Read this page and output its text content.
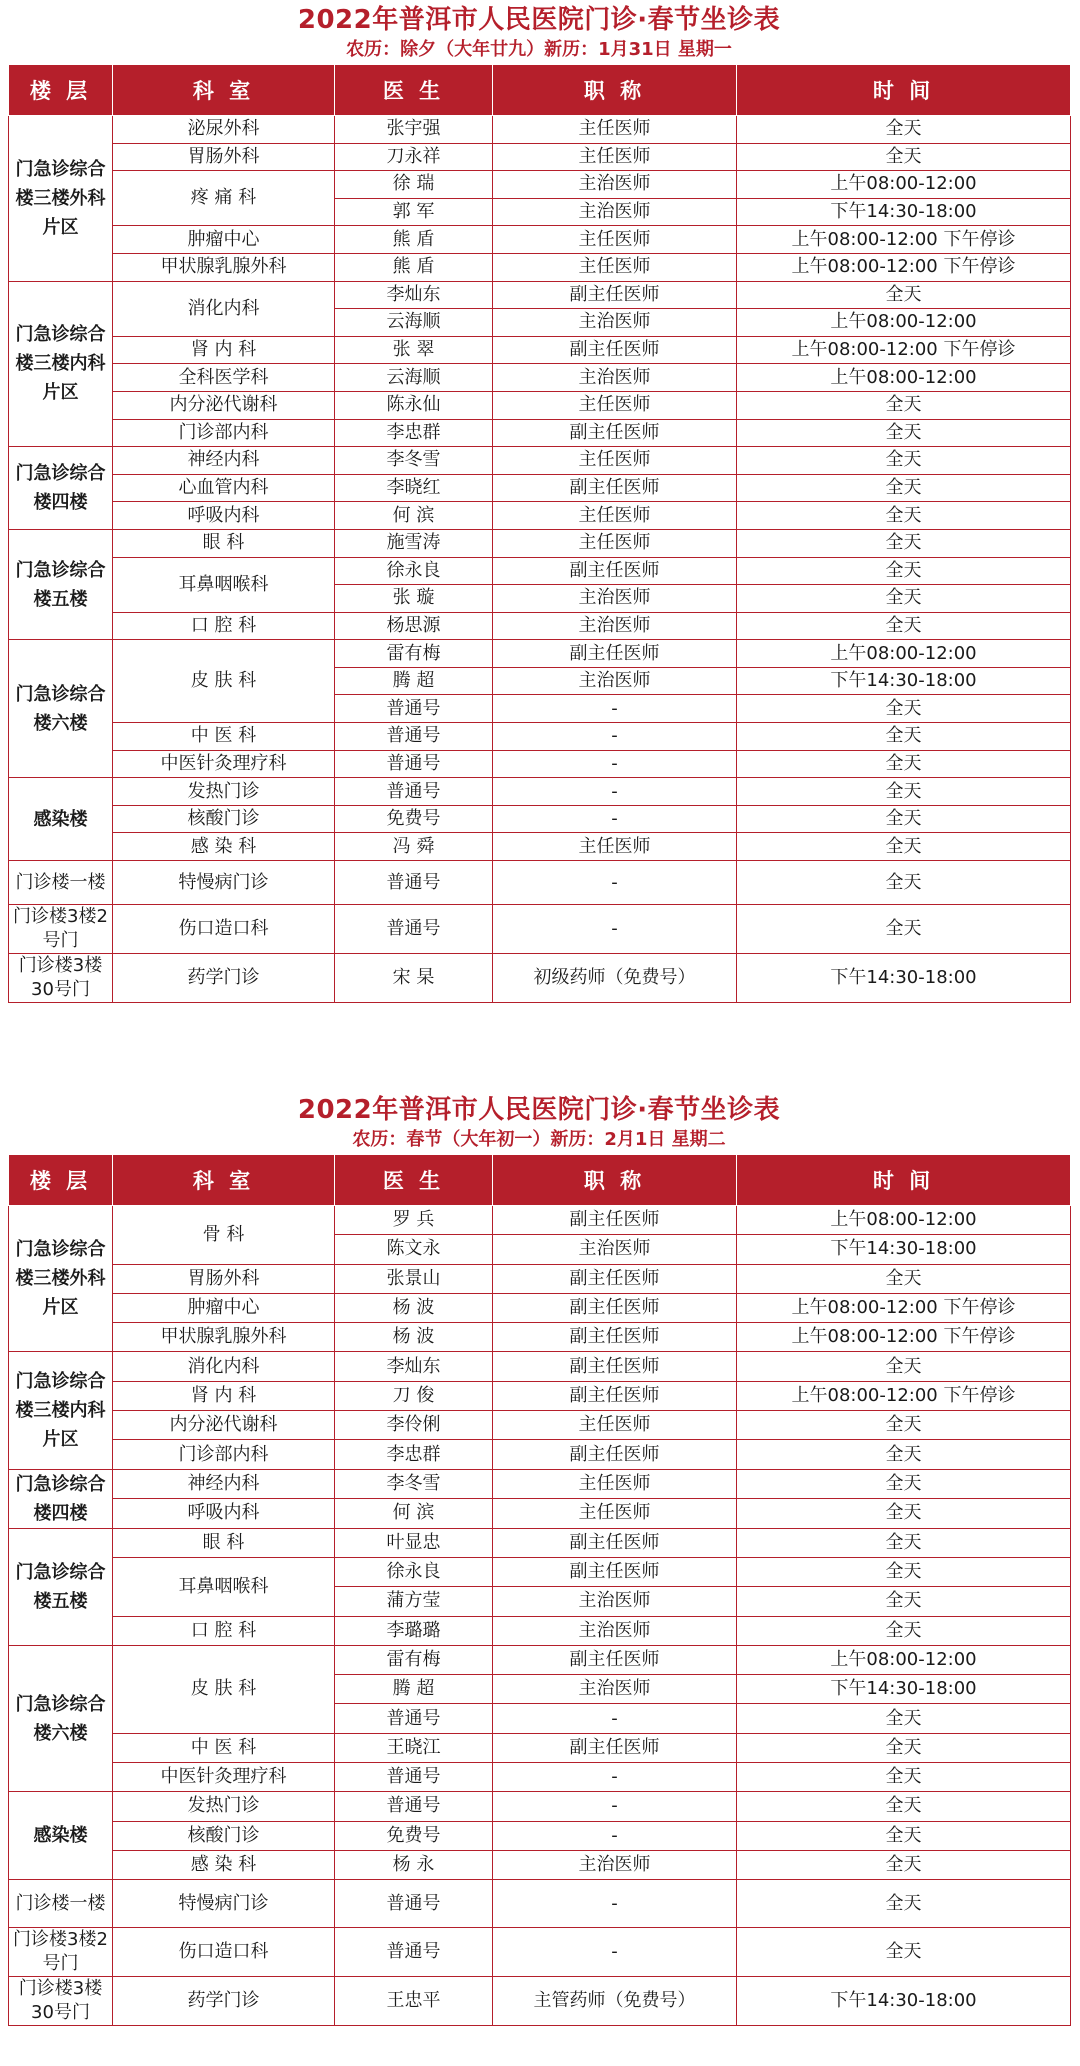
2022年普洱市人民医院门诊·春节坐诊表
农历：除夕（大年廿九）新历：1月31日 星期一
楼 层	科 室	医 生	职 称	时 间
门急诊综合楼三楼外科片区	泌尿外科	张宇强	主任医师	全天
	胃肠外科	刀永祥	主任医师	全天
	疼 痛 科	徐 瑞	主治医师	上午08:00-12:00
		郭 军	主治医师	下午14:30-18:00
	肿瘤中心	熊 盾	主任医师	上午08:00-12:00 下午停诊
	甲状腺乳腺外科	熊 盾	主任医师	上午08:00-12:00 下午停诊
门急诊综合楼三楼内科片区	消化内科	李灿东	副主任医师	全天
		云海顺	主治医师	上午08:00-12:00
	肾 内 科	张 翠	副主任医师	上午08:00-12:00 下午停诊
	全科医学科	云海顺	主治医师	上午08:00-12:00
	内分泌代谢科	陈永仙	主任医师	全天
	门诊部内科	李忠群	副主任医师	全天
门急诊综合楼四楼	神经内科	李冬雪	主任医师	全天
	心血管内科	李晓红	副主任医师	全天
	呼吸内科	何 滨	主任医师	全天
门急诊综合楼五楼	眼 科	施雪涛	主任医师	全天
	耳鼻咽喉科	徐永良	副主任医师	全天
		张 璇	主治医师	全天
	口 腔 科	杨思源	主治医师	全天
门急诊综合楼六楼	皮 肤 科	雷有梅	副主任医师	上午08:00-12:00
		腾 超	主治医师	下午14:30-18:00
		普通号	-	全天
	中 医 科	普通号	-	全天
	中医针灸理疗科	普通号	-	全天
感染楼	发热门诊	普通号	-	全天
	核酸门诊	免费号	-	全天
	感 染 科	冯 舜	主任医师	全天
门诊楼一楼	特慢病门诊	普通号	-	全天
门诊楼3楼2号门	伤口造口科	普通号	-	全天
门诊楼3楼30号门	药学门诊	宋 杲	初级药师（免费号）	下午14:30-18:00
2022年普洱市人民医院门诊·春节坐诊表
农历：春节（大年初一）新历：2月1日 星期二
楼 层	科 室	医 生	职 称	时 间
门急诊综合楼三楼外科片区	骨 科	罗 兵	副主任医师	上午08:00-12:00
		陈文永	主治医师	下午14:30-18:00
	胃肠外科	张景山	副主任医师	全天
	肿瘤中心	杨 波	副主任医师	上午08:00-12:00 下午停诊
	甲状腺乳腺外科	杨 波	副主任医师	上午08:00-12:00 下午停诊
门急诊综合楼三楼内科片区	消化内科	李灿东	副主任医师	全天
	肾 内 科	刀 俊	副主任医师	上午08:00-12:00 下午停诊
	内分泌代谢科	李伶俐	主任医师	全天
	门诊部内科	李忠群	副主任医师	全天
门急诊综合楼四楼	神经内科	李冬雪	主任医师	全天
	呼吸内科	何 滨	主任医师	全天
门急诊综合楼五楼	眼 科	叶显忠	副主任医师	全天
	耳鼻咽喉科	徐永良	副主任医师	全天
		蒲方莹	主治医师	全天
	口 腔 科	李璐璐	主治医师	全天
门急诊综合楼六楼	皮 肤 科	雷有梅	副主任医师	上午08:00-12:00
		腾 超	主治医师	下午14:30-18:00
		普通号	-	全天
	中 医 科	王晓江	副主任医师	全天
	中医针灸理疗科	普通号	-	全天
感染楼	发热门诊	普通号	-	全天
	核酸门诊	免费号	-	全天
	感 染 科	杨 永	主治医师	全天
门诊楼一楼	特慢病门诊	普通号	-	全天
门诊楼3楼2号门	伤口造口科	普通号	-	全天
门诊楼3楼30号门	药学门诊	王忠平	主管药师（免费号）	下午14:30-18:00
